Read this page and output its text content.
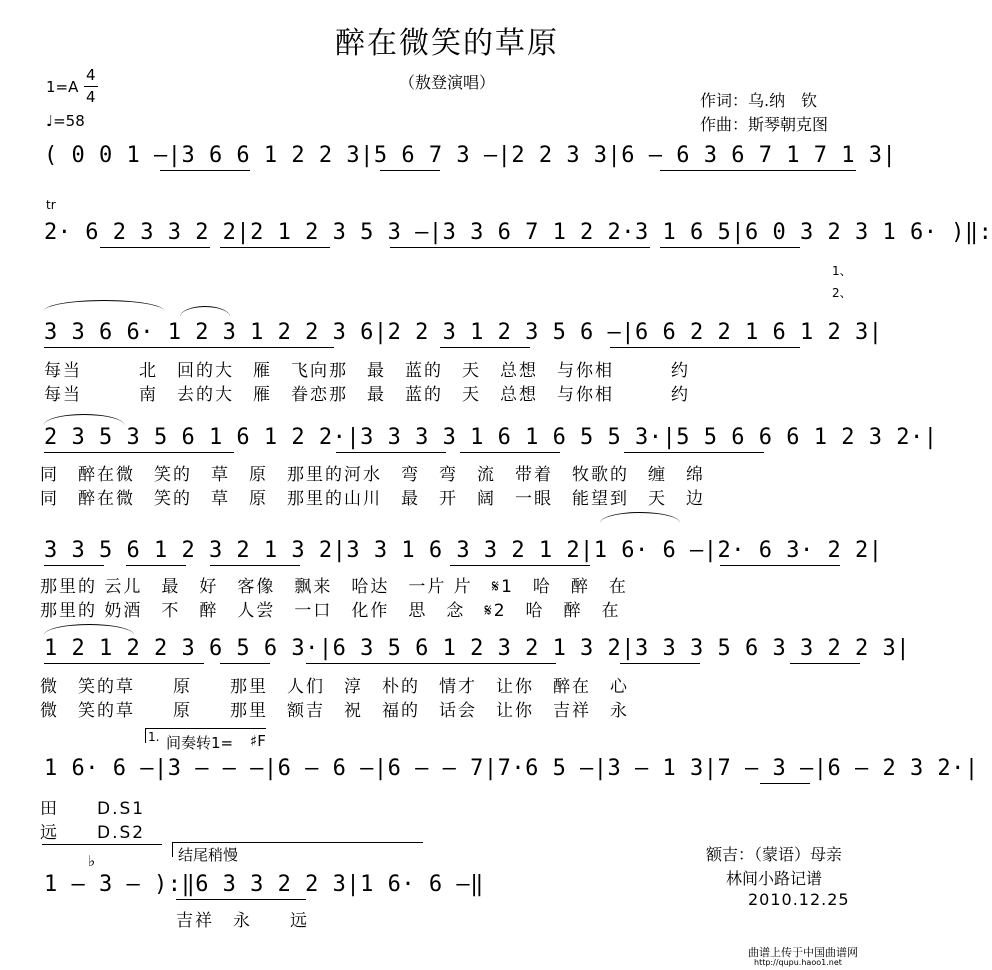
醉在微笑的草原
（敖登演唱）
1=A
4
4
♩=58
作词：乌.纳　钦
作曲：斯琴朝克图
( 0 0 1 –|3 6 6 1 2 2 3|5 6 7 3 –|2 2 3 3|6 – 6 3 6 7 1 7 1 3|
tr
2· 6 2 3 3 2 2|2 1 2 3 5 3 –|3 3 6 7 1 2 2·3 1 6 5|6 0 3 2 3 1 6· )‖:
1、
2、
3 3 6 6· 1 2 3 1 2 2 3 6|2 2 3 1 2 3 5 6 –|6 6 2 2 1 6 1 2 3|
每当　　　北　回的大　雁　飞向那　最　蓝的　天　总想　与你相　　　约
每当　　　南　去的大　雁　眷恋那　最　蓝的　天　总想　与你相　　　约
2 3 5 3 5 6 1 6 1 2 2·|3 3 3 3 1 6 1 6 5 5 3·|5 5 6 6 6 1 2 3 2·|
同　醉在微　笑的　草　原　那里的河水　弯　弯　流　带着　牧歌的　缠　绵
同　醉在微　笑的　草　原　那里的山川　最　开　阔　一眼　能望到　天　边
3 3 5 6 1 2 3 2 1 3 2|3 3 1 6 3 3 2 1 2|1 6· 6 –|2· 6 3· 2 2|
那里的 云儿　最　好　客像　飘来　哈达　一片 片　𝄋1　哈　醉　在
那里的 奶酒　不　醉　人尝　一口　化作　思　念　𝄋2　哈　醉　在
1 2 1 2 2 3 6 5 6 3·|6 3 5 6 1 2 3 2 1 3 2|3 3 3 5 6 3 3 2 2 3|
微　笑的草　　原　　那里　人们　淳　朴的　情才　让你　醉在　心
微　笑的草　　原　　那里　额吉　祝　福的　话会　让你　吉祥　永
1. 间奏转1= ♯F
1 6· 6 –|3 – – –|6 – 6 –|6 – – 7|7·6 5 –|3 – 1 3|7 – 3 –|6 – 2 3 2·|
田　　D.S1
远　　D.S2
♭	结尾稍慢
1 – 3 – ):‖6 3 3 2 2 3|1 6· 6 –‖
吉祥　永　　远
额吉：（蒙语）母亲
林间小路记谱
2010.12.25
曲谱上传于中国曲谱网
http://qupu.haoo1.net
